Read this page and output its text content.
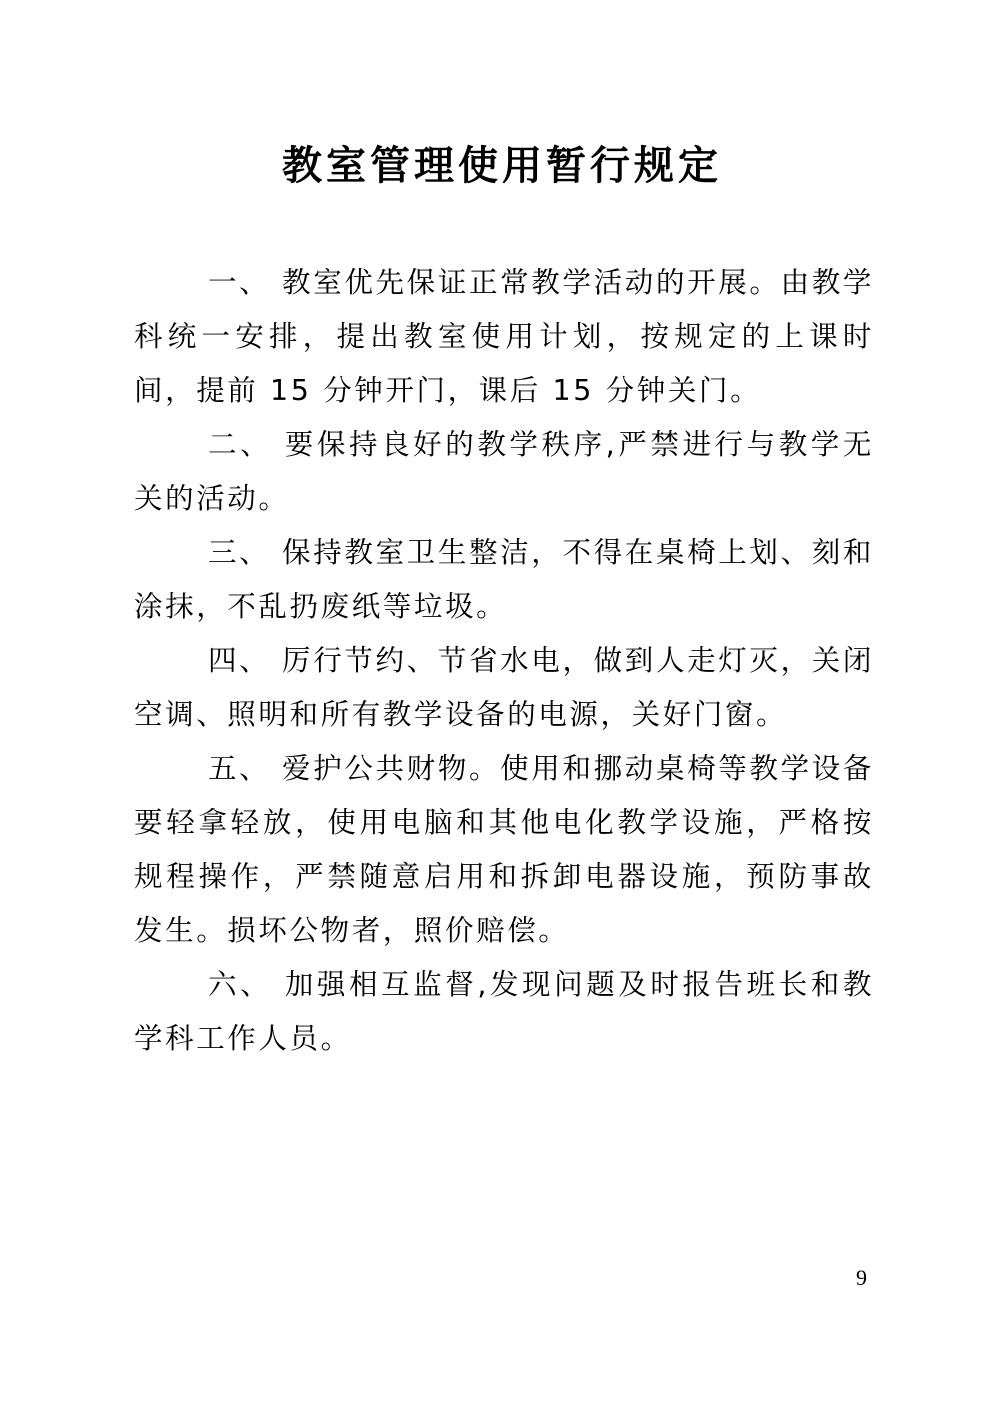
教室管理使用暂行规定

一、 教室优先保证正常教学活动的开展。由教学科统一安排，提出教室使用计划，按规定的上课时间，提前 15 分钟开门，课后 15 分钟关门。

二、 要保持良好的教学秩序,严禁进行与教学无关的活动。

三、 保持教室卫生整洁，不得在桌椅上划、刻和涂抹，不乱扔废纸等垃圾。

四、 厉行节约、节省水电，做到人走灯灭，关闭空调、照明和所有教学设备的电源，关好门窗。

五、 爱护公共财物。使用和挪动桌椅等教学设备要轻拿轻放，使用电脑和其他电化教学设施，严格按规程操作，严禁随意启用和拆卸电器设施，预防事故发生。损坏公物者，照价赔偿。

六、 加强相互监督,发现问题及时报告班长和教学科工作人员。

9
